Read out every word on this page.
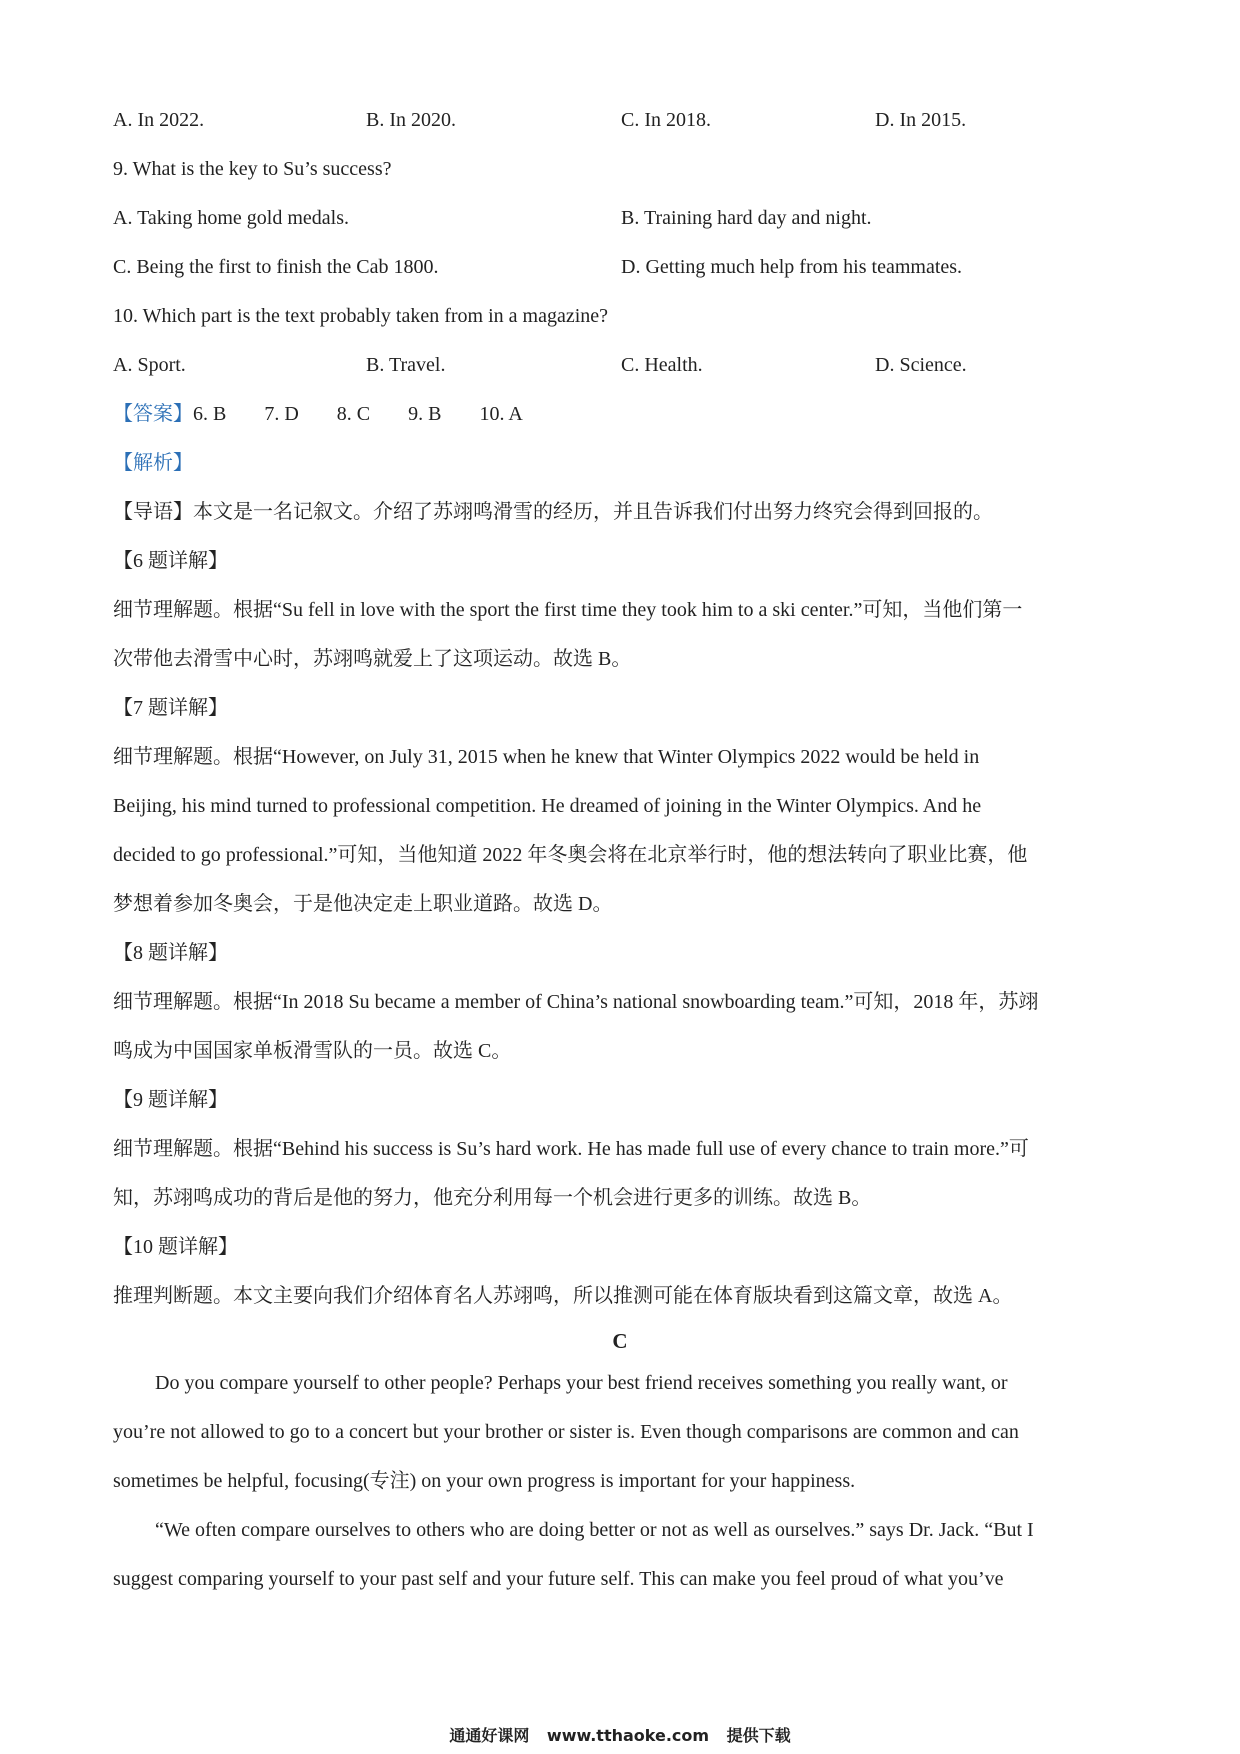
A. In 2022.	B. In 2020.	C. In 2018.	D. In 2015.
9. What is the key to Su’s success?
A. Taking home gold medals.	B. Training hard day and night.
C. Being the first to finish the Cab 1800.	D. Getting much help from his teammates.
10. Which part is the text probably taken from in a magazine?
A. Sport.	B. Travel.	C. Health.	D. Science.
【答案】6. B 7. D 8. C 9. B 10. A
【解析】
【导语】本文是一名记叙文。介绍了苏翊鸣滑雪的经历，并且告诉我们付出努力终究会得到回报的。
【6 题详解】
细节理解题。根据“Su fell in love with the sport the first time they took him to a ski center.”可知，当他们第一
次带他去滑雪中心时，苏翊鸣就爱上了这项运动。故选 B。
【7 题详解】
细节理解题。根据“However, on July 31, 2015 when he knew that Winter Olympics 2022 would be held in
Beijing, his mind turned to professional competition. He dreamed of joining in the Winter Olympics. And he
decided to go professional.”可知，当他知道 2022 年冬奥会将在北京举行时，他的想法转向了职业比赛，他
梦想着参加冬奥会，于是他决定走上职业道路。故选 D。
【8 题详解】
细节理解题。根据“In 2018 Su became a member of China’s national snowboarding team.”可知，2018 年，苏翊
鸣成为中国国家单板滑雪队的一员。故选 C。
【9 题详解】
细节理解题。根据“Behind his success is Su’s hard work. He has made full use of every chance to train more.”可
知，苏翊鸣成功的背后是他的努力，他充分利用每一个机会进行更多的训练。故选 B。
【10 题详解】
推理判断题。本文主要向我们介绍体育名人苏翊鸣，所以推测可能在体育版块看到这篇文章，故选 A。
C
Do you compare yourself to other people? Perhaps your best friend receives something you really want, or
you’re not allowed to go to a concert but your brother or sister is. Even though comparisons are common and can
sometimes be helpful, focusing(专注) on your own progress is important for your happiness.
“We often compare ourselves to others who are doing better or not as well as ourselves.” says Dr. Jack. “But I
suggest comparing yourself to your past self and your future self. This can make you feel proud of what you’ve
通通好课网 www.tthaoke.com 提供下载
